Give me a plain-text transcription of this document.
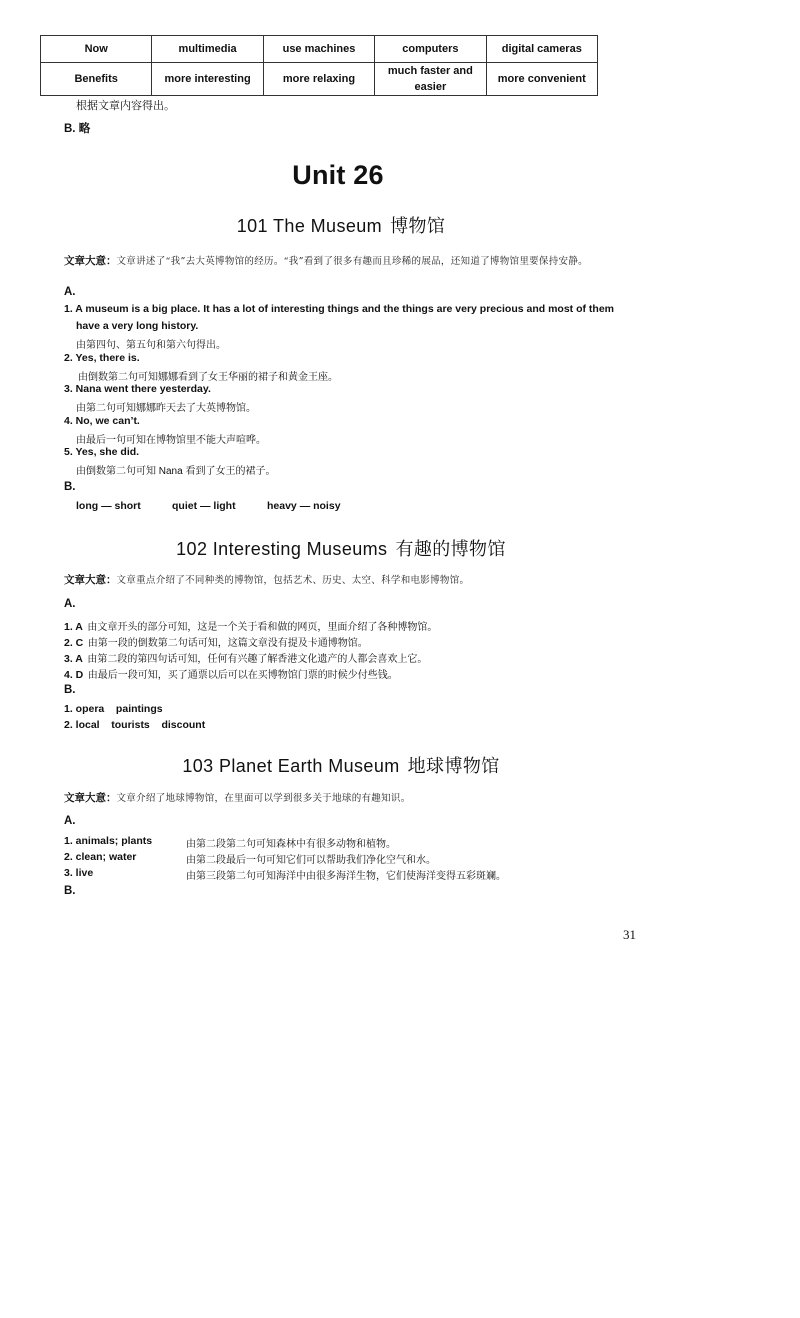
Now	multimedia	use machines	computers	digital cameras
Benefits	more interesting	more relaxing	much faster and easier	more convenient
根据文章内容得出。
B. 略
Unit 26
101 The Museum 博物馆
文章大意：文章讲述了“我”去大英博物馆的经历。“我”看到了很多有趣而且珍稀的展品，还知道了博物馆里要保持安静。
A.
1. A museum is a big place. It has a lot of interesting things and the things are very precious and most of them
have a very long history.
由第四句、第五句和第六句得出。
2. Yes, there is.
由倒数第二句可知娜娜看到了女王华丽的裙子和黄金王座。
3. Nana went there yesterday.
由第二句可知娜娜昨天去了大英博物馆。
4. No, we can’t.
由最后一句可知在博物馆里不能大声喧哗。
5. Yes, she did.
由倒数第二句可知 Nana 看到了女王的裙子。
B.
long — short	quiet — light	heavy — noisy
102 Interesting Museums 有趣的博物馆
文章大意：文章重点介绍了不同种类的博物馆，包括艺术、历史、太空、科学和电影博物馆。
A.
1. A 由文章开头的部分可知，这是一个关于看和做的网页，里面介绍了各种博物馆。
2. C 由第一段的倒数第二句话可知，这篇文章没有提及卡通博物馆。
3. A 由第二段的第四句话可知，任何有兴趣了解香港文化遗产的人都会喜欢上它。
4. D 由最后一段可知，买了通票以后可以在买博物馆门票的时候少付些钱。
B.
1. opera    paintings
2. local    tourists    discount
103 Planet Earth Museum 地球博物馆
文章大意：文章介绍了地球博物馆，在里面可以学到很多关于地球的有趣知识。
A.
1. animals; plants	由第二段第二句可知森林中有很多动物和植物。
2. clean; water	由第二段最后一句可知它们可以帮助我们净化空气和水。
3. live	由第三段第二句可知海洋中由很多海洋生物，它们使海洋变得五彩斑斓。
B.
31
